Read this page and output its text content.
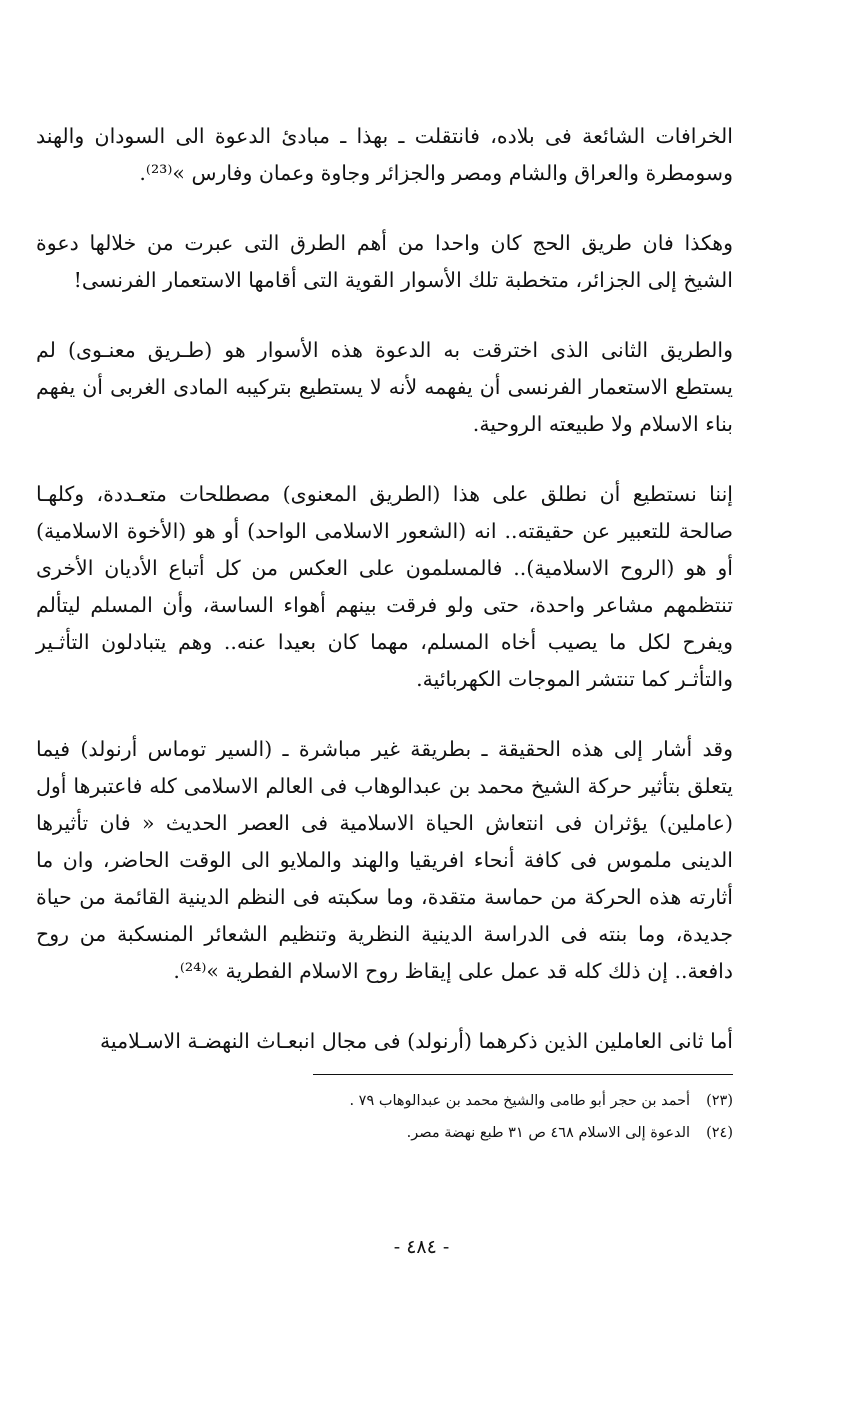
الخرافات الشائعة فى بلاده، فانتقلت ـ بهذا ـ مبادئ الدعوة الى السودان والهند وسومطرة والعراق والشام ومصر والجزائر وجاوة وعمان وفارس »⁽²³⁾.

وهكذا فان طريق الحج كان واحدا من أهم الطرق التى عبرت من خلالها دعوة الشيخ إلى الجزائر، متخطبة تلك الأسوار القوية التى أقامها الاستعمار الفرنسى!

والطريق الثانى الذى اخترقت به الدعوة هذه الأسوار هو (طـريق معنـوى) لم يستطع الاستعمار الفرنسى أن يفهمه لأنه لا يستطيع بتركيبه المادى الغربى أن يفهم بناء الاسلام ولا طبيعته الروحية.

إننا نستطيع أن نطلق على هذا (الطريق المعنوى) مصطلحات متعـددة، وكلهـا صالحة للتعبير عن حقيقته.. انه (الشعور الاسلامى الواحد) أو هو (الأخوة الاسلامية) أو هو (الروح الاسلامية).. فالمسلمون على العكس من كل أتباع الأديان الأخرى تنتظمهم مشاعر واحدة، حتى ولو فرقت بينهم أهواء الساسة، وأن المسلم ليتألم ويفرح لكل ما يصيب أخاه المسلم، مهما كان بعيدا عنه.. وهم يتبادلون التأثـير والتأثـر كما تنتشر الموجات الكهربائية.

وقد أشار إلى هذه الحقيقة ـ بطريقة غير مباشرة ـ (السير توماس أرنولد) فيما يتعلق بتأثير حركة الشيخ محمد بن عبدالوهاب فى العالم الاسلامى كله فاعتبرها أول (عاملين) يؤثران فى انتعاش الحياة الاسلامية فى العصر الحديث « فان تأثيرها الدينى ملموس فى كافة أنحاء افريقيا والهند والملايو الى الوقت الحاضر، وان ما أثارته هذه الحركة من حماسة متقدة، وما سكبته فى النظم الدينية القائمة من حياة جديدة، وما بنته فى الدراسة الدينية النظرية وتنظيم الشعائر المنسكبة من روح دافعة.. إن ذلك كله قد عمل على إيقاظ روح الاسلام الفطرية »⁽²⁴⁾.

أما ثانى العاملين الذين ذكرهما (أرنولد) فى مجال انبعـاث النهضـة الاسـلامية

(٢٣)أحمد بن حجر أبو طامى والشيخ محمد بن عبدالوهاب ٧٩ .

(٢٤)الدعوة إلى الاسلام ٤٦٨ ص ٣١ طبع نهضة مصر.

- ٤٨٤ -
